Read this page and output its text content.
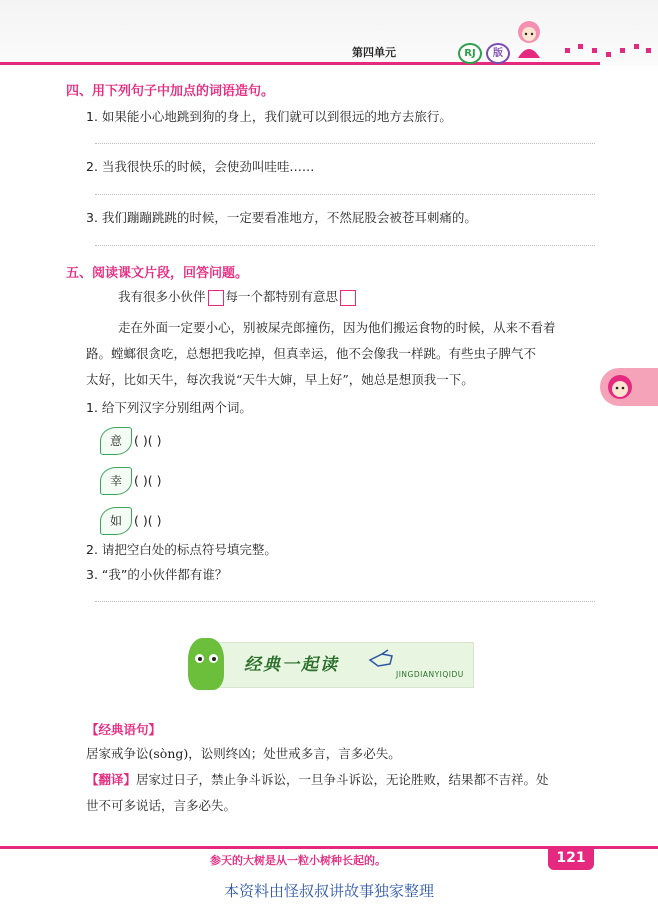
第四单元	RJ	版
四、用下列句子中加点的词语造句。
1. 如果能小心地跳到狗的身上，我们就可以到很远的地方去旅行。
2. 当我很快乐的时候，会使劲叫哇哇……
3. 我们蹦蹦跳跳的时候，一定要看准地方，不然屁股会被苍耳刺痛的。
五、阅读课文片段，回答问题。
我有很多小伙伴 每一个都特别有意思
走在外面一定要小心，别被屎壳郎撞伤，因为他们搬运食物的时候，从来不看着
路。螳螂很贪吃，总想把我吃掉，但真幸运，他不会像我一样跳。有些虫子脾气不
太好，比如天牛，每次我说“天牛大婶，早上好”，她总是想顶我一下。
1. 给下列汉字分别组两个词。
意 ( )( )
幸 ( )( )
如 ( )( )
2. 请把空白处的标点符号填完整。
3. “我”的小伙伴都有谁？
经典一起读	JINGDIANYIQIDU
【经典语句】
居家戒争讼(sòng)，讼则终凶；处世戒多言，言多必失。
【翻译】居家过日子，禁止争斗诉讼，一旦争斗诉讼，无论胜败，结果都不吉祥。处
世不可多说话，言多必失。
参天的大树是从一粒小树种长起的。	121
本资料由怪叔叔讲故事独家整理
